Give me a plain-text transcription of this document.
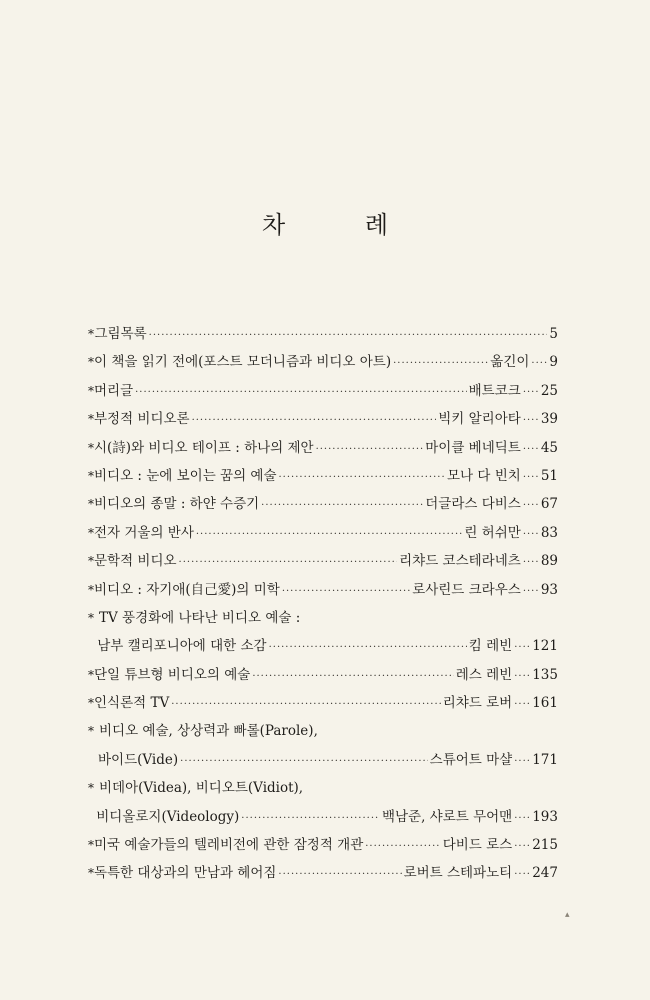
차 례
* 그림목록 ·····	5
* 이 책을 읽기 전에(포스트 모더니즘과 비디오 아트) ·····	옮긴이 ····· 9
* 머리글 ·····	배트코크 ····· 25
* 부정적 비디오론 ·····	빅키 알리아타 ····· 39
* 시(詩)와 비디오 테이프 : 하나의 제안 ·····	마이클 베네딕트 ····· 45
* 비디오 : 눈에 보이는 꿈의 예술 ·····	모나 다 빈치 ····· 51
* 비디오의 종말 : 하얀 수증기 ·····	더글라스 다비스 ····· 67
* 전자 거울의 반사 ·····	린 허쉬만 ····· 83
* 문학적 비디오 ·····	리챠드 코스테라네츠 ····· 89
* 비디오 : 자기애(自己愛)의 미학 ·····	로사린드 크라우스 ····· 93
* TV 풍경화에 나타난 비디오 예술 :
남부 캘리포니아에 대한 소감 ·····	킴 레빈 ····· 121
* 단일 튜브형 비디오의 예술 ·····	레스 레빈 ····· 135
* 인식론적 TV ·····	리챠드 로버 ····· 161
* 비디오 예술, 상상력과 빠롤(Parole),
바이드(Vide) ·····	스튜어트 마샬 ····· 171
* 비데아(Videa), 비디오트(Vidiot),
비디올로지(Videology) ·····	백남준, 샤로트 무어맨 ····· 193
* 미국 예술가들의 텔레비전에 관한 잠정적 개관 ·····	다비드 로스 ····· 215
* 독특한 대상과의 만남과 헤어짐 ·····	로버트 스테파노티 ····· 247
▴
